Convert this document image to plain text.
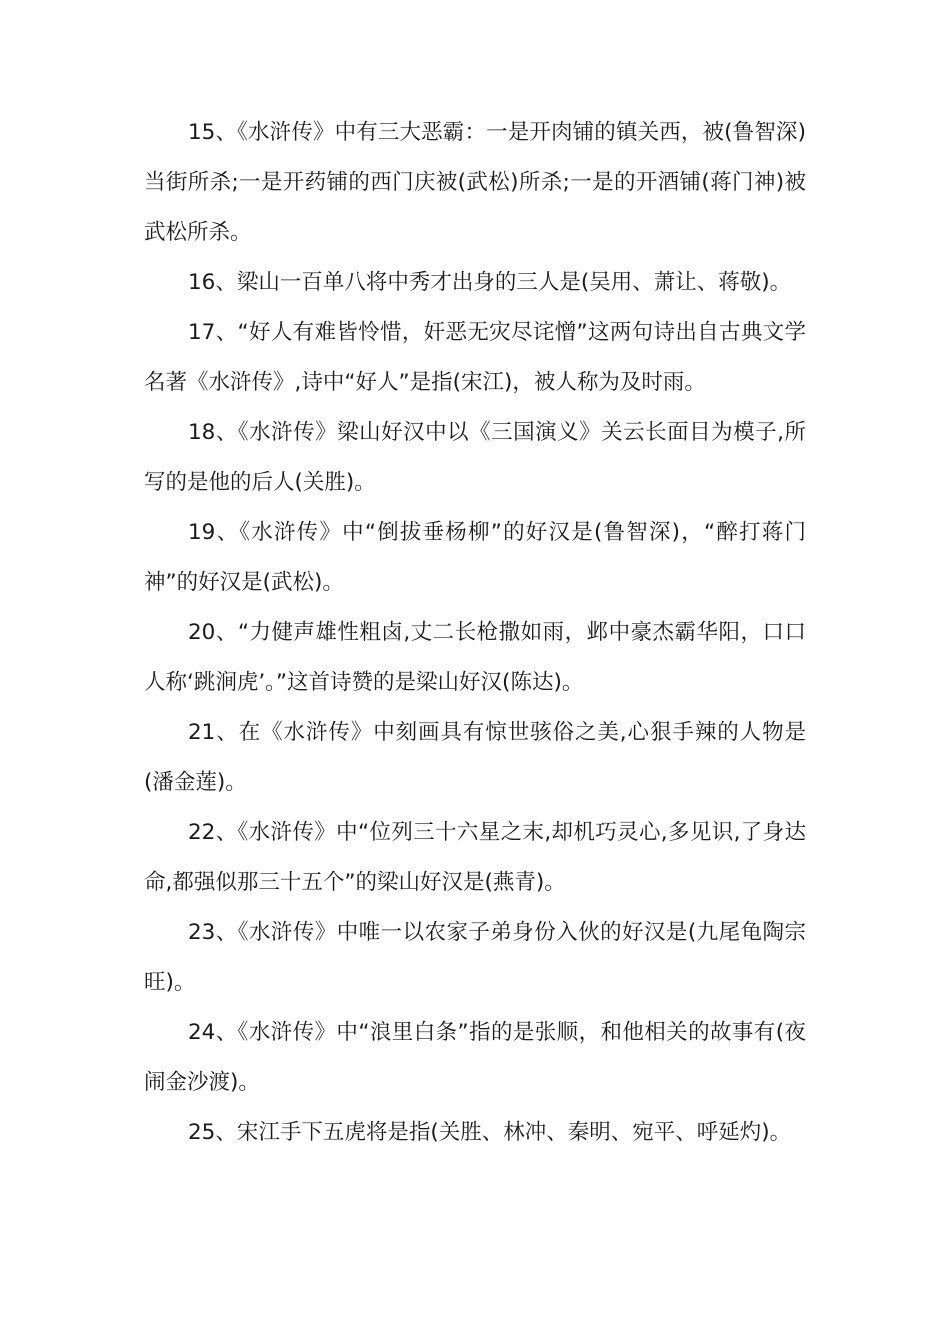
15、《水浒传》中有三大恶霸：一是开肉铺的镇关西，被(鲁智深)当街所杀;一是开药铺的西门庆被(武松)所杀;一是的开酒铺(蒋门神)被武松所杀。

16、梁山一百单八将中秀才出身的三人是(吴用、萧让、蒋敬)。

17、“好人有难皆怜惜，奸恶无灾尽诧憎”这两句诗出自古典文学名著《水浒传》,诗中“好人”是指(宋江)，被人称为及时雨。

18、《水浒传》梁山好汉中以《三国演义》关云长面目为模子,所写的是他的后人(关胜)。

19、《水浒传》中“倒拔垂杨柳”的好汉是(鲁智深)，“醉打蒋门神”的好汉是(武松)。

20、“力健声雄性粗卤,丈二长枪撒如雨，邺中豪杰霸华阳，口口人称‘跳涧虎’。”这首诗赞的是梁山好汉(陈达)。

21、在《水浒传》中刻画具有惊世骇俗之美,心狠手辣的人物是(潘金莲)。

22、《水浒传》中“位列三十六星之末,却机巧灵心,多见识,了身达命,都强似那三十五个”的梁山好汉是(燕青)。

23、《水浒传》中唯一以农家子弟身份入伙的好汉是(九尾龟陶宗旺)。

24、《水浒传》中“浪里白条”指的是张顺，和他相关的故事有(夜闹金沙渡)。

25、宋江手下五虎将是指(关胜、林冲、秦明、宛平、呼延灼)。
